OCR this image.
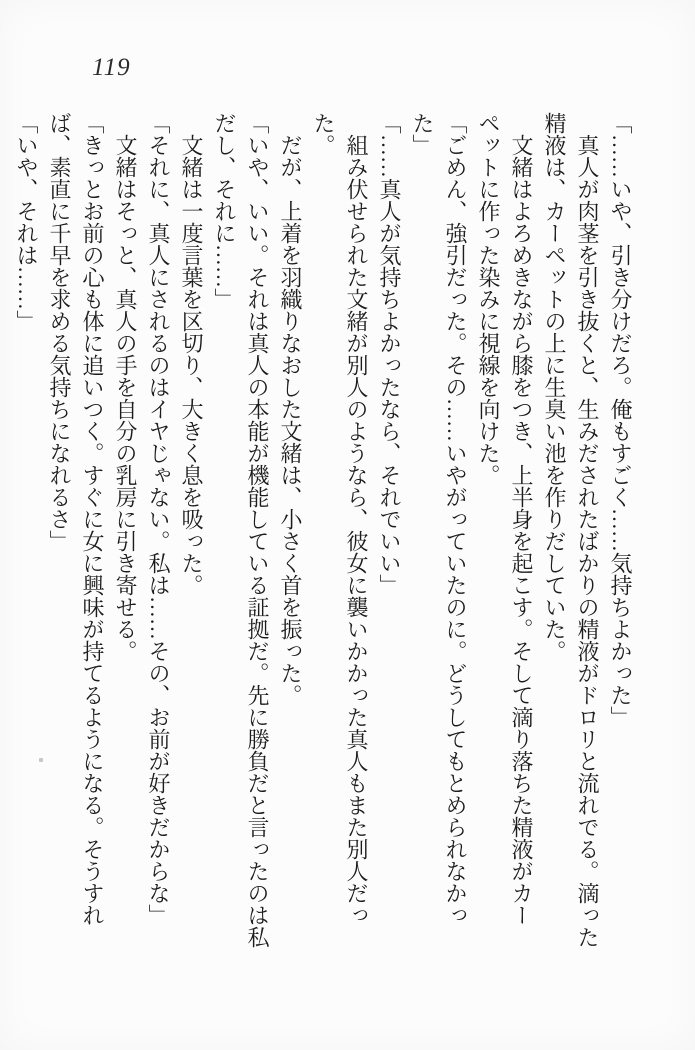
119

「……いや、引き分けだろ。俺もすごく……気持ちよかった」

　真人が肉茎を引き抜くと、生みだされたばかりの精液がドロリと流れでる。滴った精液は、カーペットの上に生臭い池を作りだしていた。

　文緒はよろめきながら膝をつき、上半身を起こす。そして滴り落ちた精液がカーペットに作った染みに視線を向けた。

「ごめん、強引だった。その……いやがっていたのに。どうしてもとめられなかった」

「……真人が気持ちよかったなら、それでいい」

　組み伏せられた文緒が別人のようなら、彼女に襲いかかった真人もまた別人だった。

　だが、上着を羽織りなおした文緒は、小さく首を振った。

「いや、いい。それは真人の本能が機能している証拠だ。先に勝負だと言ったのは私だし、それに……」

　文緒は一度言葉を区切り、大きく息を吸った。

「それに、真人にされるのはイヤじゃない。私は……その、お前が好きだからな」

　文緒はそっと、真人の手を自分の乳房に引き寄せる。

「きっとお前の心も体に追いつく。すぐに女に興味が持てるようになる。そうすれば、素直に千早を求める気持ちになれるさ」

「いや、それは……」
